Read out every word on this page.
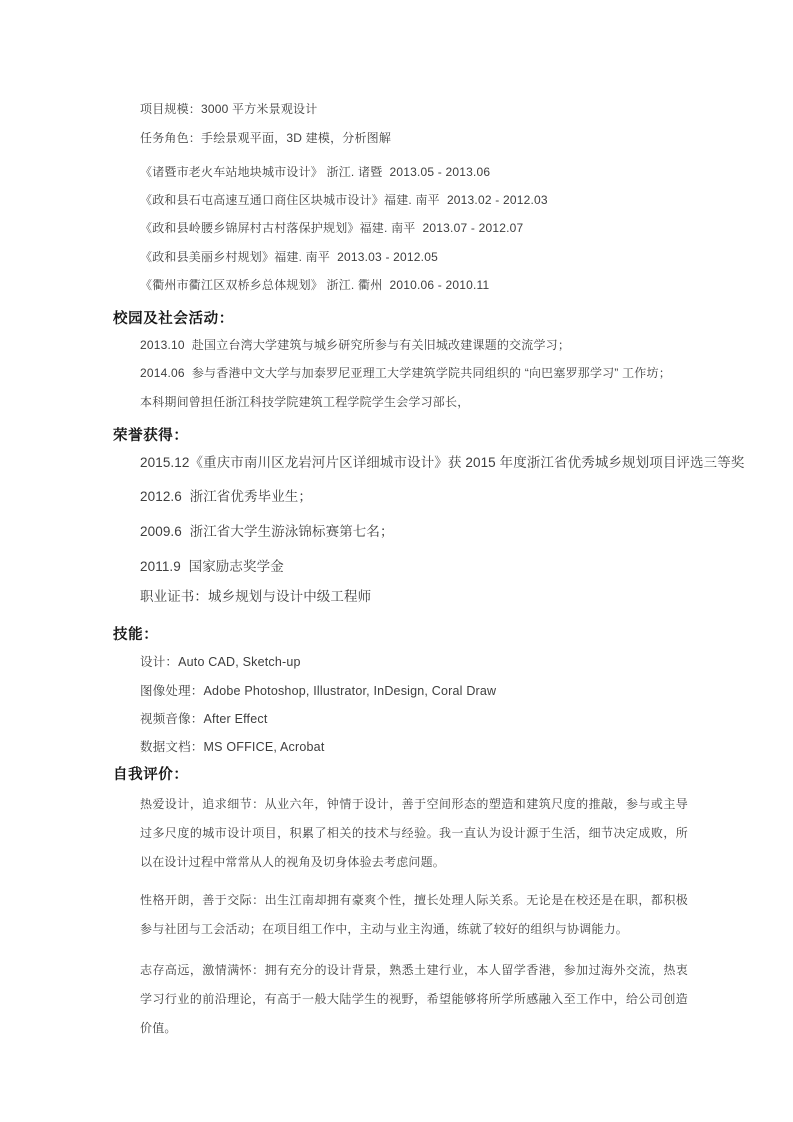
项目规模：3000 平方米景观设计
任务角色：手绘景观平面，3D 建模，分析图解
《诸暨市老火车站地块城市设计》 浙江. 诸暨  2013.05 - 2013.06
《政和县石屯高速互通口商住区块城市设计》福建. 南平  2013.02 - 2012.03
《政和县岭腰乡锦屏村古村落保护规划》福建. 南平  2013.07 - 2012.07
《政和县美丽乡村规划》福建. 南平  2013.03 - 2012.05
《衢州市衢江区双桥乡总体规划》 浙江. 衢州  2010.06 - 2010.11
校园及社会活动：
2013.10  赴国立台湾大学建筑与城乡研究所参与有关旧城改建课题的交流学习；
2014.06  参与香港中文大学与加泰罗尼亚理工大学建筑学院共同组织的 “向巴塞罗那学习” 工作坊；
本科期间曾担任浙江科技学院建筑工程学院学生会学习部长，
荣誉获得：
2015.12《重庆市南川区龙岩河片区详细城市设计》获 2015 年度浙江省优秀城乡规划项目评选三等奖
2012.6  浙江省优秀毕业生；
2009.6  浙江省大学生游泳锦标赛第七名；
2011.9  国家励志奖学金
职业证书：城乡规划与设计中级工程师
技能：
设计：Auto CAD, Sketch-up
图像处理：Adobe Photoshop, Illustrator, InDesign, Coral Draw
视频音像：After Effect
数据文档：MS OFFICE, Acrobat
自我评价：
热爱设计，追求细节：从业六年，钟情于设计，善于空间形态的塑造和建筑尺度的推敲，参与或主导过多尺度的城市设计项目，积累了相关的技术与经验。我一直认为设计源于生活，细节决定成败，所以在设计过程中常常从人的视角及切身体验去考虑问题。
性格开朗，善于交际：出生江南却拥有豪爽个性，擅长处理人际关系。无论是在校还是在职，都积极参与社团与工会活动；在项目组工作中，主动与业主沟通，练就了较好的组织与协调能力。
志存高远，激情满怀：拥有充分的设计背景，熟悉土建行业，本人留学香港，参加过海外交流，热衷学习行业的前沿理论，有高于一般大陆学生的视野，希望能够将所学所感融入至工作中，给公司创造价值。
